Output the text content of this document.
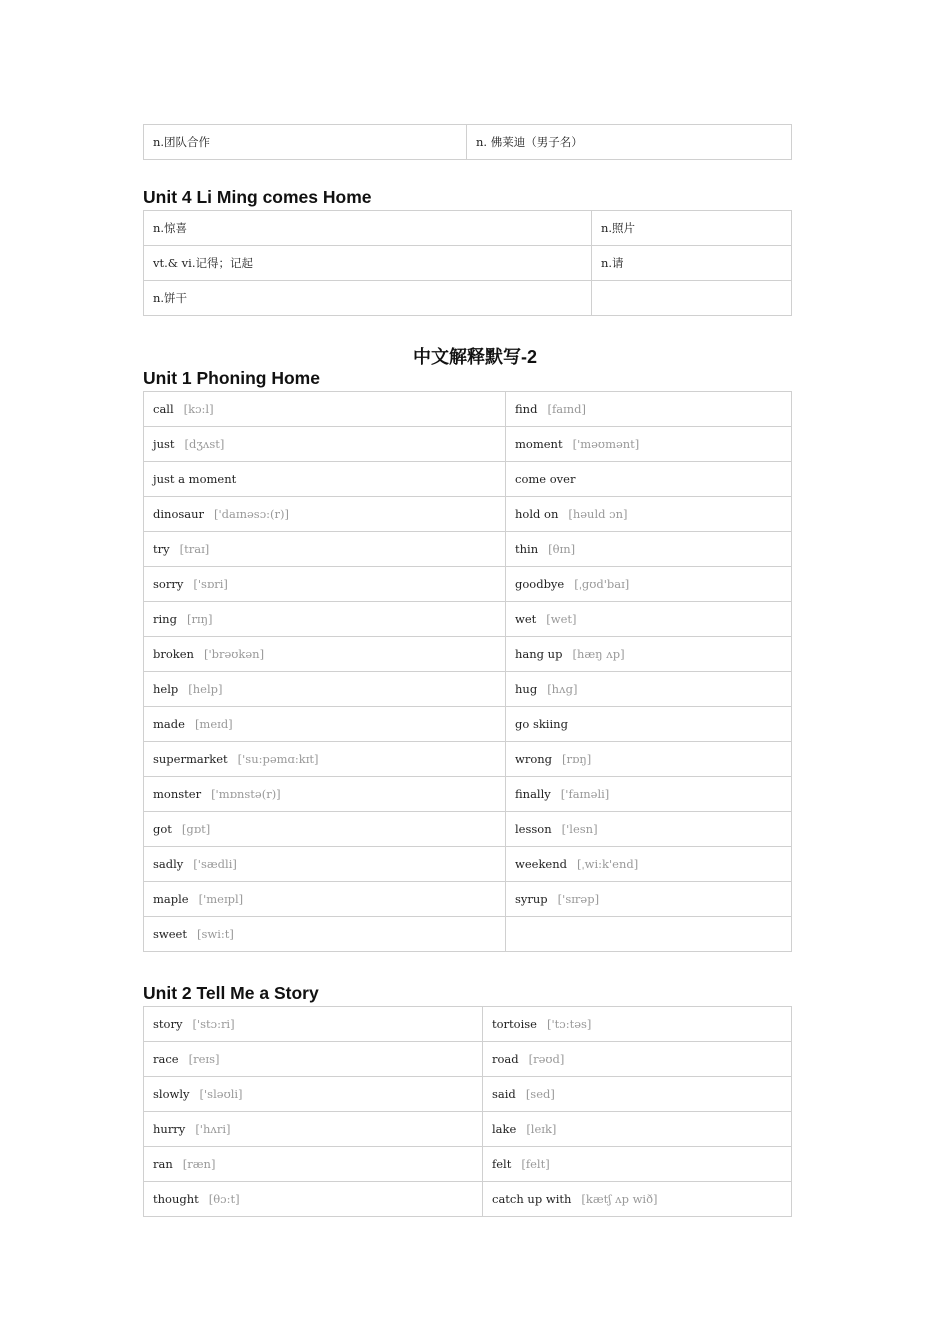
n.团队合作	n. 佛莱迪（男子名）
Unit 4 Li Ming comes Home
n.惊喜	n.照片
vt.& vi.记得；记起	n.请
n.饼干	
中文解释默写-2
Unit 1 Phoning Home
call [kɔ:l]	find [faɪnd]
just [dʒʌst]	moment ['məʊmənt]
just a moment	come over
dinosaur ['daɪnəsɔ:(r)]	hold on [həuld ɔn]
try [traɪ]	thin [θɪn]
sorry ['sɒri]	goodbye [ˌgʊd'baɪ]
ring [rɪŋ]	wet [wet]
broken ['brəʊkən]	hang up [hæŋ ʌp]
help [help]	hug [hʌg]
made [meɪd]	go skiing
supermarket ['su:pəmɑ:kɪt]	wrong [rɒŋ]
monster ['mɒnstə(r)]	finally ['faɪnəli]
got [gɒt]	lesson ['lesn]
sadly ['sædli]	weekend [ˌwi:k'end]
maple ['meɪpl]	syrup ['sɪrəp]
sweet [swi:t]	
Unit 2 Tell Me a Story
story ['stɔ:ri]	tortoise ['tɔ:təs]
race [reɪs]	road [rəʊd]
slowly ['sləʊli]	said [sed]
hurry ['hʌri]	lake [leɪk]
ran [ræn]	felt [felt]
thought [θɔ:t]	catch up with [kætʃ ʌp wið]
